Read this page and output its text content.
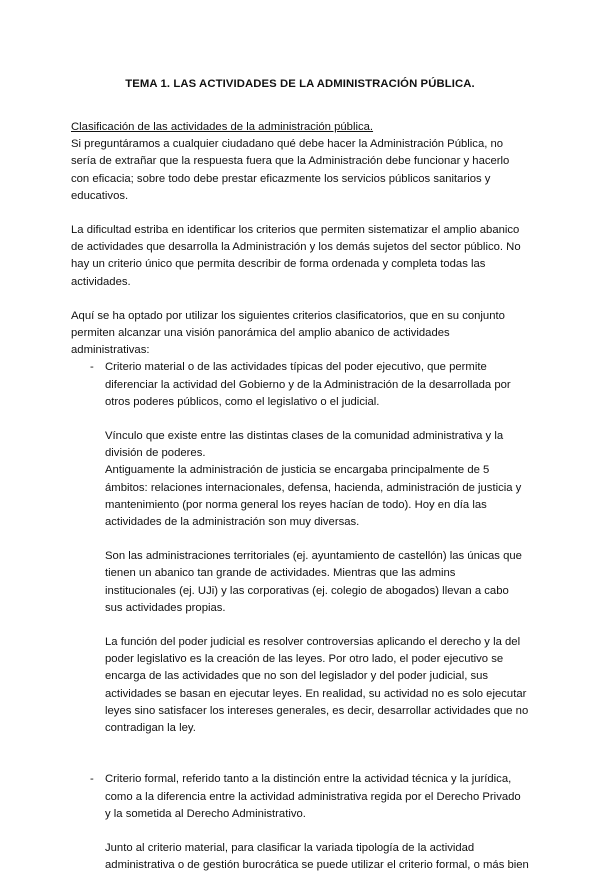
TEMA 1. LAS ACTIVIDADES DE LA ADMINISTRACIÓN PÚBLICA.

Clasificación de las actividades de la administración pública.

Si preguntáramos a cualquier ciudadano qué debe hacer la Administración Pública, no sería de extrañar que la respuesta fuera que la Administración debe funcionar y hacerlo con eficacia; sobre todo debe prestar eficazmente los servicios públicos sanitarios y educativos.

La dificultad estriba en identificar los criterios que permiten sistematizar el amplio abanico de actividades que desarrolla la Administración y los demás sujetos del sector público. No hay un criterio único que permita describir de forma ordenada y completa todas las actividades.

Aquí se ha optado por utilizar los siguientes criterios clasificatorios, que en su conjunto permiten alcanzar una visión panorámica del amplio abanico de actividades administrativas:

- Criterio material o de las actividades típicas del poder ejecutivo, que permite diferenciar la actividad del Gobierno y de la Administración de la desarrollada por otros poderes públicos, como el legislativo o el judicial.

Vínculo que existe entre las distintas clases de la comunidad administrativa y la división de poderes.

Antiguamente la administración de justicia se encargaba principalmente de 5 ámbitos: relaciones internacionales, defensa, hacienda, administración de justicia y mantenimiento (por norma general los reyes hacían de todo). Hoy en día las actividades de la administración son muy diversas.

Son las administraciones territoriales (ej. ayuntamiento de castellón) las únicas que tienen un abanico tan grande de actividades. Mientras que las admins institucionales (ej. UJi) y las corporativas (ej. colegio de abogados) llevan a cabo sus actividades propias.

La función del poder judicial es resolver controversias aplicando el derecho y la del poder legislativo es la creación de las leyes. Por otro lado, el poder ejecutivo se encarga de las actividades que no son del legislador y del poder judicial, sus actividades se basan en ejecutar leyes. En realidad, su actividad no es solo ejecutar leyes sino satisfacer los intereses generales, es decir, desarrollar actividades que no contradigan la ley.

- Criterio formal, referido tanto a la distinción entre la actividad técnica y la jurídica, como a la diferencia entre la actividad administrativa regida por el Derecho Privado y la sometida al Derecho Administrativo.

Junto al criterio material, para clasificar la variada tipología de la actividad administrativa o de gestión burocrática se puede utilizar el criterio formal, o más bien
